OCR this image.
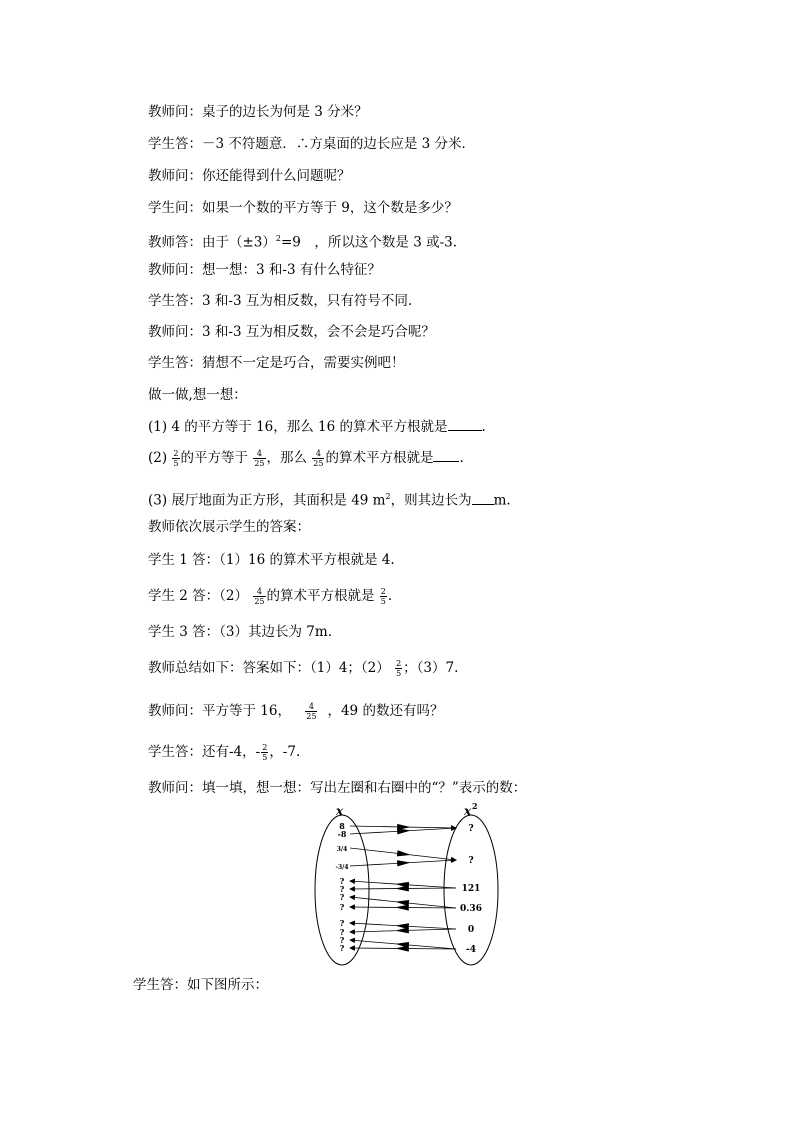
教师问：桌子的边长为何是 3 分米？
学生答：－3 不符题意．∴方桌面的边长应是 3 分米．
教师问：你还能得到什么问题呢？
学生问：如果一个数的平方等于 9，这个数是多少？
教师答：由于$(\pm 3)^2=9$　，所以这个数是 3 或-3.
教师问：想一想：3 和-3 有什么特征？
学生答：3 和-3 互为相反数，只有符号不同.
教师问：3 和-3 互为相反数，会不会是巧合呢？
学生答：猜想不一定是巧合，需要实例吧！
做一做,想一想：
(1) 4 的平方等于 16，那么 16 的算术平方根就是	.
$(2) \frac{2}{5}$ 的平方等于 $\frac{4}{25}$ ，那么 $\frac{4}{25}$ 的算术平方根就是 .
(3) 展厅地面为正方形，其面积是 49 $m^2$，则其边长为 m.
教师依次展示学生的答案：
学生 1 答：（1）16 的算术平方根就是 4.
学生 2 答：$(2) \frac{4}{25}$ 的算术平方根就是 $\frac{2}{5}$ .
学生 3 答：（3）其边长为 7m.
教师总结如下：答案如下：（1）4；$(2) \frac{2}{5}$ ；（3）7.
教师问：平方等于 16， $\frac{4}{25}$ ，49 的数还有吗？
学生答：还有-4，- $\frac{2}{5}$ ，-7.
教师问：填一填，想一想：写出左圈和右圈中的“？”表示的数：
x	x 2
8
-8
3/4
-3/4
?
?
?
?
?
?
?
?
?
?
121
0.36
0
-4
学生答：如下图所示：
